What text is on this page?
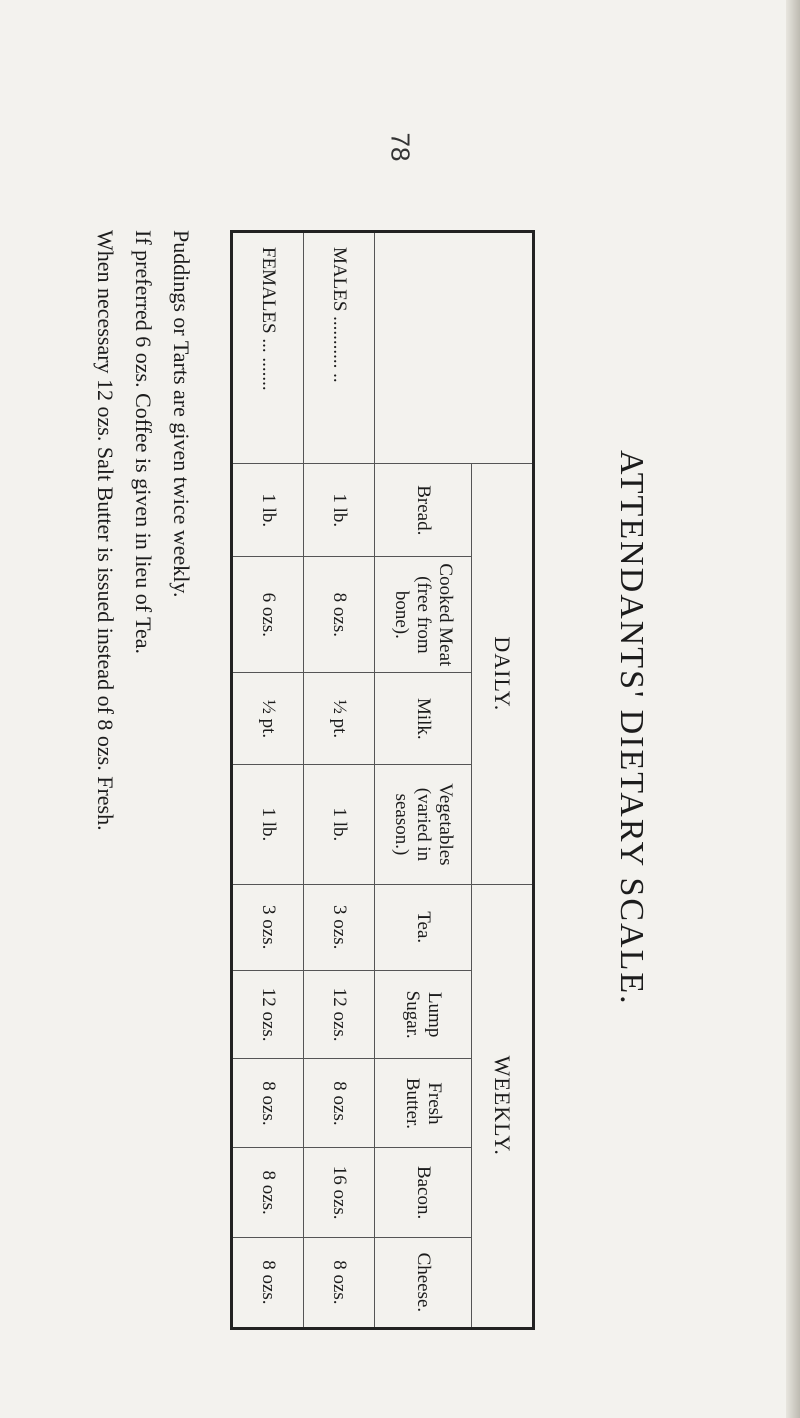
78
ATTENDANTS' DIETARY SCALE.
	DAILY.				WEEKLY.				
	Bread.	Cooked Meat (free from bone).	Milk.	Vegetables (varied in season.)	Tea.	Lump Sugar.	Fresh Butter.	Bacon.	Cheese.
MALES ........... ..	1 lb.	8 ozs.	½ pt.	1 lb.	3 ozs.	12 ozs.	8 ozs.	16 ozs.	8 ozs.
FEMALES ... .......	1 lb.	6 ozs.	½ pt.	1 lb.	3 ozs.	12 ozs.	8 ozs.	8 ozs.	8 ozs.

Puddings or Tarts are given twice weekly.

If preferred 6 ozs. Coffee is given in lieu of Tea.

When necessary 12 ozs. Salt Butter is issued instead of 8 ozs. Fresh.
